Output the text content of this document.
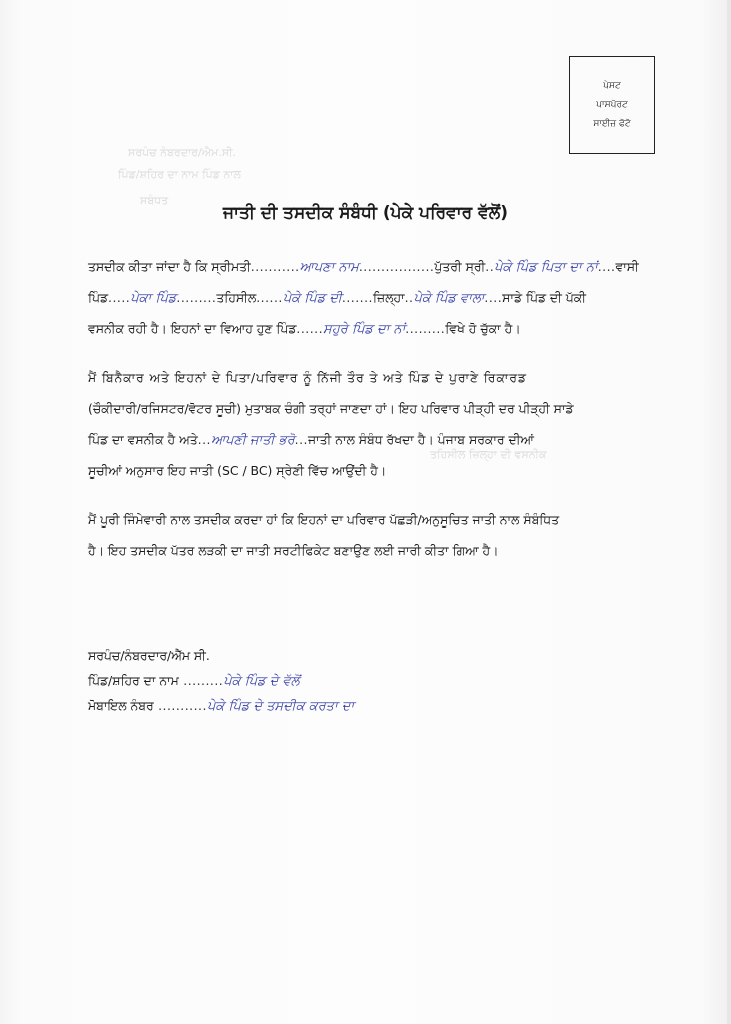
ਸਰਪੰਚ ਨੰਬਰਦਾਰ/ਐਮ.ਸੀ.
ਪਿੰਡ/ਸ਼ਹਿਰ ਦਾ ਨਾਮ ਪਿੰਡ ਨਾਲ
ਸਬੰਧਤ
ਤਹਿਸੀਲ ਜ਼ਿਲ੍ਹਾ ਦੀ ਵਸਨੀਕ
ਪੇਸਟ
ਪਾਸਪੋਰਟ
ਸਾਈਜ਼ ਫੋਟੋ
ਜਾਤੀ ਦੀ ਤਸਦੀਕ ਸੰਬੰਧੀ (ਪੇਕੇ ਪਰਿਵਾਰ ਵੱਲੋਂ)
ਤਸਦੀਕ ਕੀਤਾ ਜਾਂਦਾ ਹੈ ਕਿ ਸ੍ਰੀਮਤੀ...........ਆਪਣਾ ਨਾਮ.................ਪੁੱਤਰੀ ਸ੍ਰੀ..ਪੇਕੇ ਪਿੰਡ ਪਿਤਾ ਦਾ ਨਾਂ....ਵਾਸੀ
ਪਿੰਡ.....ਪੇਕਾ ਪਿੰਡ.........ਤਹਿਸੀਲ......ਪੇਕੇ ਪਿੰਡ ਦੀ.......ਜ਼ਿਲ੍ਹਾ..ਪੇਕੇ ਪਿੰਡ ਵਾਲਾ....ਸਾਡੇ ਪਿੰਡ ਦੀ ਪੱਕੀ
ਵਸਨੀਕ ਰਹੀ ਹੈ। ਇਹਨਾਂ ਦਾ ਵਿਆਹ ਹੁਣ ਪਿੰਡ......ਸਹੁਰੇ ਪਿੰਡ ਦਾ ਨਾਂ.........ਵਿਖੇ ਹੋ ਚੁੱਕਾ ਹੈ।
ਮੈਂ ਬਿਨੈਕਾਰ ਅਤੇ ਇਹਨਾਂ ਦੇ ਪਿਤਾ/ਪਰਿਵਾਰ ਨੂੰ ਨਿੱਜੀ ਤੌਰ ਤੇ ਅਤੇ ਪਿੰਡ ਦੇ ਪੁਰਾਣੇ ਰਿਕਾਰਡ
(ਚੌਕੀਦਾਰੀ/ਰਜਿਸਟਰ/ਵੋਟਰ ਸੂਚੀ) ਮੁਤਾਬਕ ਚੰਗੀ ਤਰ੍ਹਾਂ ਜਾਣਦਾ ਹਾਂ। ਇਹ ਪਰਿਵਾਰ ਪੀੜ੍ਹੀ ਦਰ ਪੀੜ੍ਹੀ ਸਾਡੇ
ਪਿੰਡ ਦਾ ਵਸਨੀਕ ਹੈ ਅਤੇ...ਆਪਣੀ ਜਾਤੀ ਭਰੋ...ਜਾਤੀ ਨਾਲ ਸੰਬੰਧ ਰੱਖਦਾ ਹੈ। ਪੰਜਾਬ ਸਰਕਾਰ ਦੀਆਂ
ਸੂਚੀਆਂ ਅਨੁਸਾਰ ਇਹ ਜਾਤੀ (SC / BC) ਸ੍ਰੇਣੀ ਵਿੱਚ ਆਉਂਦੀ ਹੈ।
ਮੈਂ ਪੂਰੀ ਜਿੰਮੇਵਾਰੀ ਨਾਲ ਤਸਦੀਕ ਕਰਦਾ ਹਾਂ ਕਿ ਇਹਨਾਂ ਦਾ ਪਰਿਵਾਰ ਪੱਛੜੀ/ਅਨੁਸੂਚਿਤ ਜਾਤੀ ਨਾਲ ਸੰਬੰਧਿਤ
ਹੈ। ਇਹ ਤਸਦੀਕ ਪੱਤਰ ਲੜਕੀ ਦਾ ਜਾਤੀ ਸਰਟੀਫਿਕੇਟ ਬਣਾਉਣ ਲਈ ਜਾਰੀ ਕੀਤਾ ਗਿਆ ਹੈ।
ਸਰਪੰਚ/ਨੰਬਰਦਾਰ/ਐੱਮ ਸੀ.
ਪਿੰਡ/ਸ਼ਹਿਰ ਦਾ ਨਾਮ .........ਪੇਕੇ ਪਿੰਡ ਦੇ ਵੱਲੋਂ
ਮੋਬਾਇਲ ਨੰਬਰ ...........ਪੇਕੇ ਪਿੰਡ ਦੇ ਤਸਦੀਕ ਕਰਤਾ ਦਾ
